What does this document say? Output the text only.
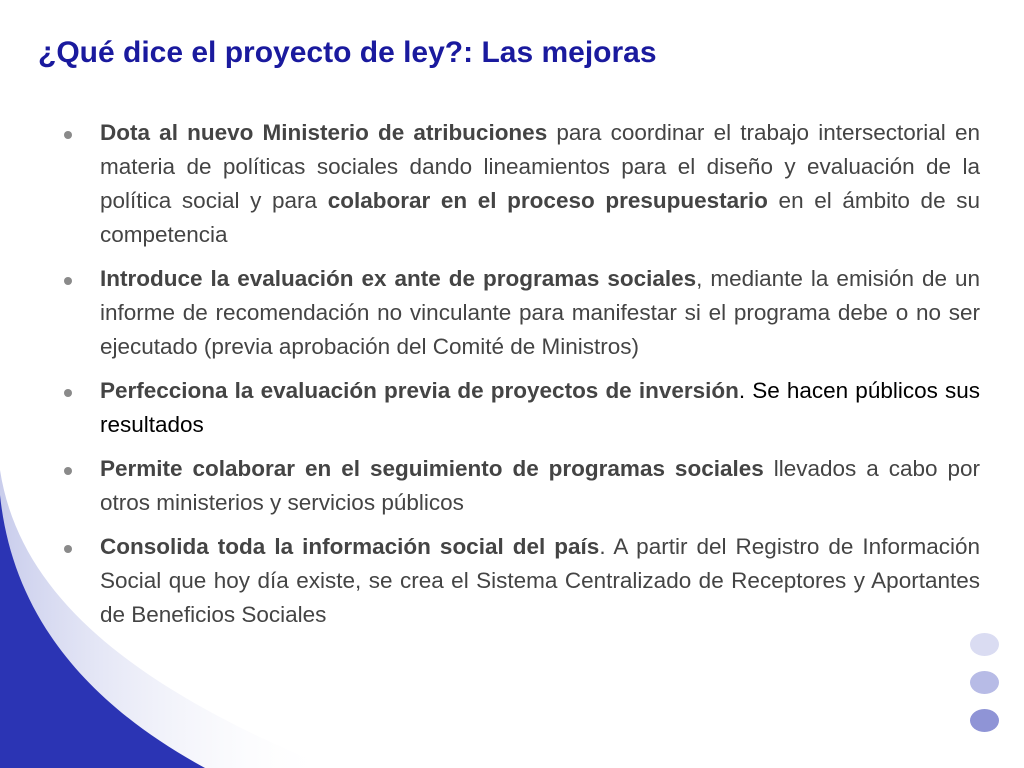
¿Qué dice el proyecto de ley?: Las mejoras
Dota al nuevo Ministerio de atribuciones para coordinar el trabajo intersectorial en materia de políticas sociales dando lineamientos para el diseño y evaluación de la política social y para colaborar en el proceso presupuestario en el ámbito de su competencia
Introduce la evaluación ex ante de programas sociales, mediante la emisión de un informe de recomendación no vinculante para manifestar si el programa debe o no ser ejecutado (previa aprobación del Comité de Ministros)
Perfecciona la evaluación previa de proyectos de inversión. Se hacen públicos sus resultados
Permite colaborar en el seguimiento de programas sociales llevados a cabo por otros ministerios y servicios públicos
Consolida toda la información social del país. A partir del Registro de Información Social que hoy día existe, se crea el Sistema Centralizado de Receptores y Aportantes de Beneficios Sociales
